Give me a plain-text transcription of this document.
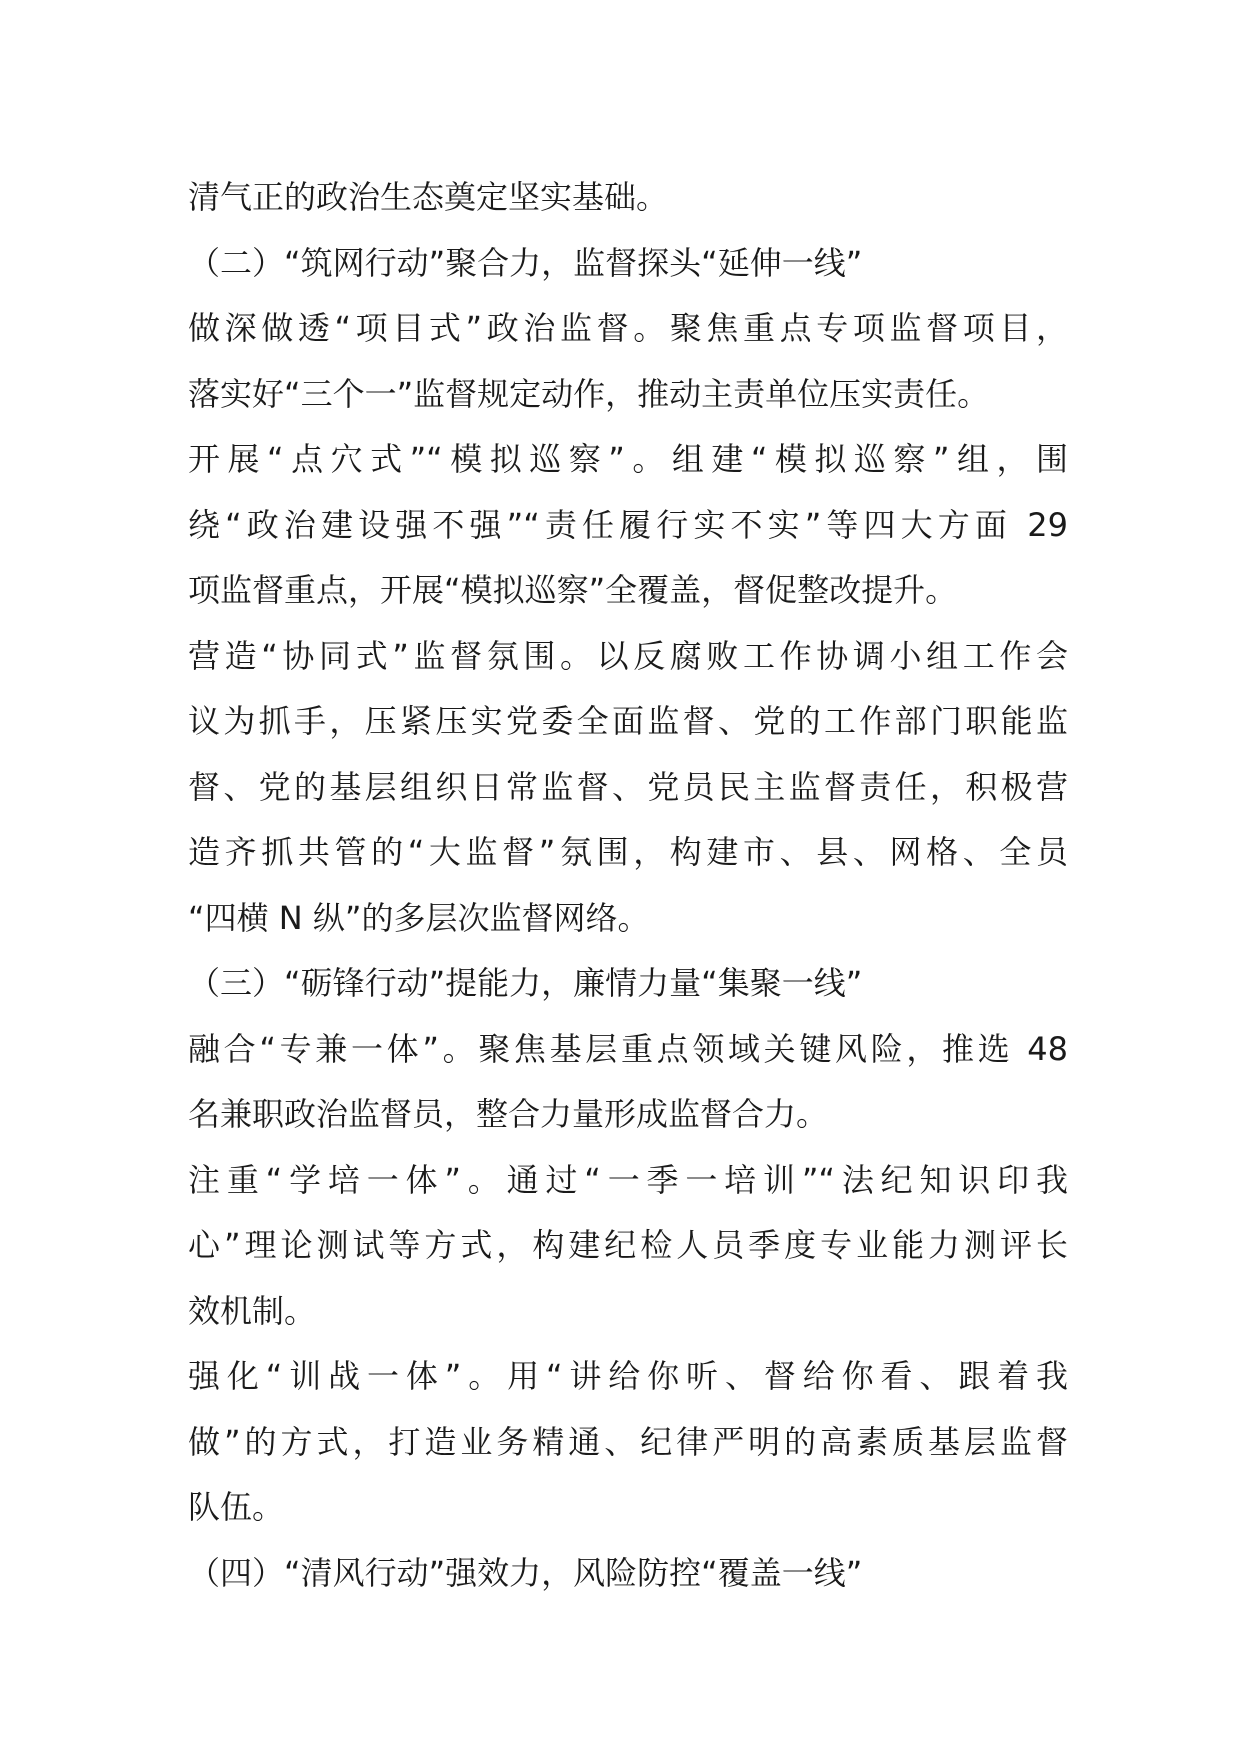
清气正的政治生态奠定坚实基础。
（二）“筑网行动”聚合力，监督探头“延伸一线”
做深做透“项目式”政治监督。聚焦重点专项监督项目，
落实好“三个一”监督规定动作，推动主责单位压实责任。
开展“点穴式”“模拟巡察”。组建“模拟巡察”组，围
绕“政治建设强不强”“责任履行实不实”等四大方面 29
项监督重点，开展“模拟巡察”全覆盖，督促整改提升。
营造“协同式”监督氛围。以反腐败工作协调小组工作会
议为抓手，压紧压实党委全面监督、党的工作部门职能监
督、党的基层组织日常监督、党员民主监督责任，积极营
造齐抓共管的“大监督”氛围，构建市、县、网格、全员
“四横 N 纵”的多层次监督网络。
（三）“砺锋行动”提能力，廉情力量“集聚一线”
融合“专兼一体”。聚焦基层重点领域关键风险，推选 48
名兼职政治监督员，整合力量形成监督合力。
注重“学培一体”。通过“一季一培训”“法纪知识印我
心”理论测试等方式，构建纪检人员季度专业能力测评长
效机制。
强化“训战一体”。用“讲给你听、督给你看、跟着我
做”的方式，打造业务精通、纪律严明的高素质基层监督
队伍。
（四）“清风行动”强效力，风险防控“覆盖一线”
